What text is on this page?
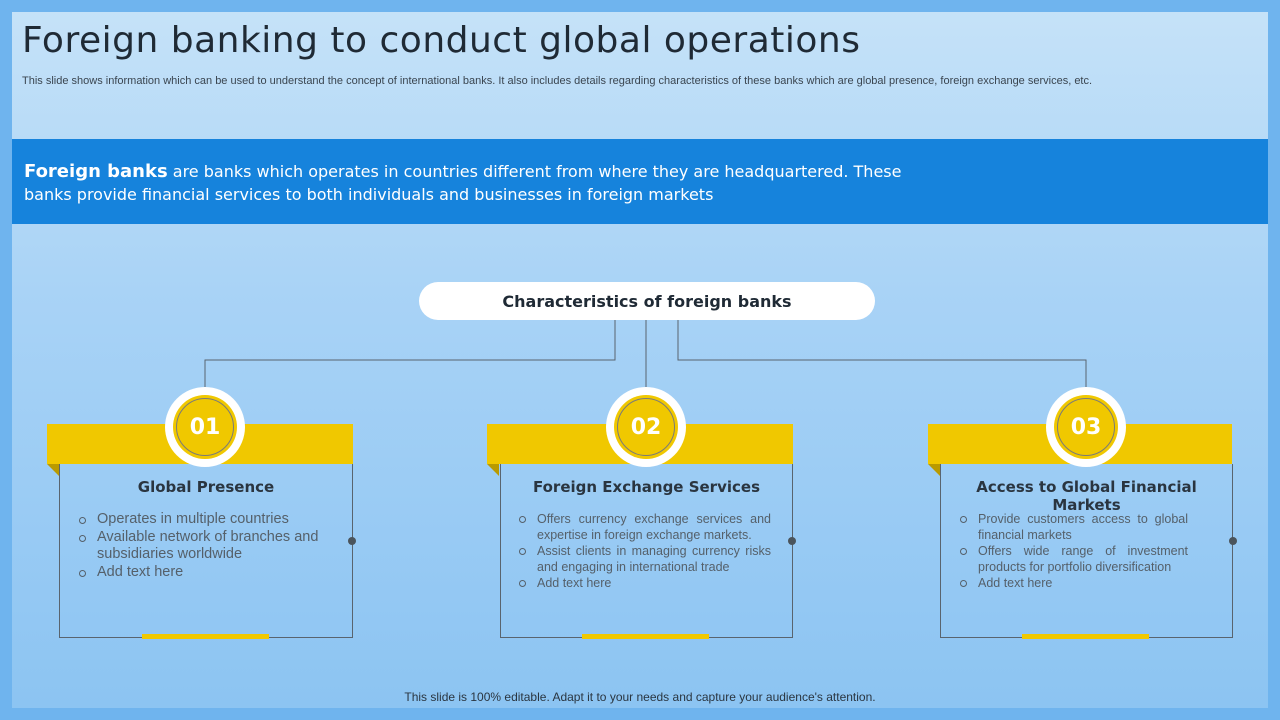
Foreign banking to conduct global operations
This slide shows information which can be used to understand the concept of international banks. It also includes details regarding characteristics of these banks which are global presence, foreign exchange services, etc.
Foreign banks are banks which operates in countries different from where they are headquartered. These banks provide financial services to both individuals and businesses in foreign markets
Characteristics of foreign banks
01
Global Presence
Operates in multiple countries
Available network of branches and subsidiaries worldwide
Add text here
02
Foreign Exchange Services
Offers currency exchange services and expertise in foreign exchange markets.
Assist clients in managing currency risks and engaging in international trade
Add text here
03
Access to Global Financial Markets
Provide customers access to global financial markets
Offers wide range of investment products for portfolio diversification
Add text here
This slide is 100% editable. Adapt it to your needs and capture your audience's attention.
